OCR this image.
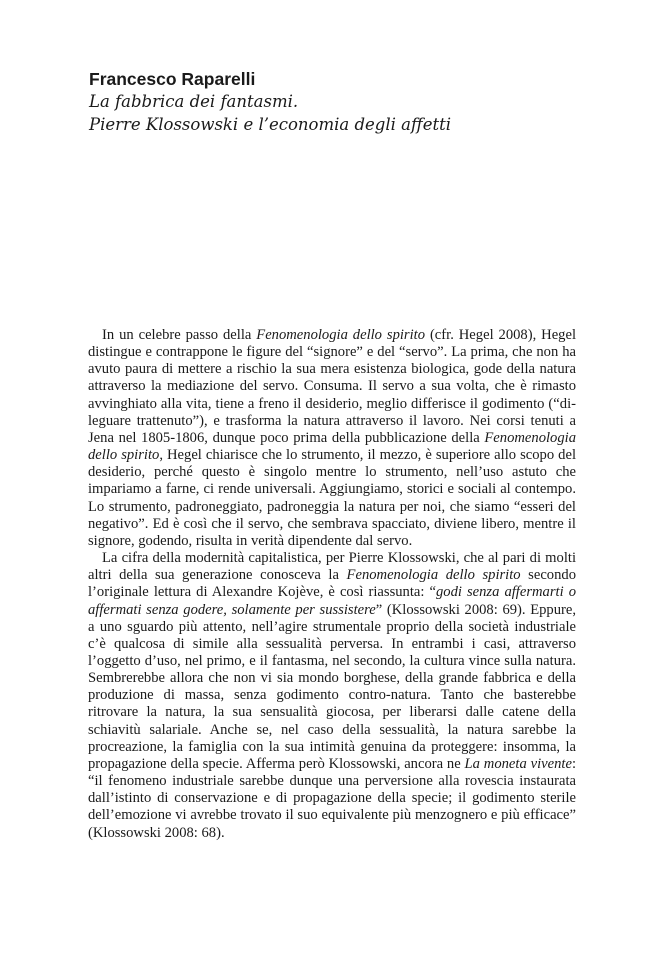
Francesco Raparelli
La fabbrica dei fantasmi.
Pierre Klossowski e l’economia degli affetti

In un celebre passo della Fenomenologia dello spirito (cfr. Hegel 2008), Hegel distingue e contrappone le figure del “signore” e del “servo”. La prima, che non ha avuto paura di mettere a rischio la sua mera esistenza biologica, gode della natura attraverso la mediazione del servo. Consuma. Il servo a sua volta, che è rimasto avvinghiato alla vita, tiene a freno il desiderio, meglio differisce il godimento (“dileguare trattenuto”), e trasforma la natura attraverso il lavoro. Nei corsi tenuti a Jena nel 1805-1806, dunque poco prima della pubblicazione della Fenomenologia dello spirito, Hegel chiarisce che lo strumento, il mezzo, è superiore allo scopo del desiderio, perché questo è singolo mentre lo strumento, nell’uso astuto che impariamo a farne, ci rende universali. Aggiungiamo, storici e sociali al contempo. Lo strumento, padroneggiato, padroneggia la natura per noi, che siamo “esseri del negativo”. Ed è così che il servo, che sembrava spacciato, diviene libero, mentre il signore, godendo, risulta in verità dipendente dal servo.

La cifra della modernità capitalistica, per Pierre Klossowski, che al pari di molti altri della sua generazione conosceva la Fenomenologia dello spirito secondo l’originale lettura di Alexandre Kojève, è così riassunta: “godi senza affermarti o affermati senza godere, solamente per sussistere” (Klossowski 2008: 69). Eppure, a uno sguardo più attento, nell’agire strumentale proprio della società industriale c’è qualcosa di simile alla sessualità perversa. In entrambi i casi, attraverso l’oggetto d’uso, nel primo, e il fantasma, nel secondo, la cultura vince sulla natura. Sembrerebbe allora che non vi sia mondo borghese, della grande fabbrica e della produzione di massa, senza godimento contro-natura. Tanto che basterebbe ritrovare la natura, la sua sensualità giocosa, per liberarsi dalle catene della schiavitù salariale. Anche se, nel caso della sessualità, la natura sarebbe la procreazione, la famiglia con la sua intimità genuina da proteggere: insomma, la propagazione della specie. Afferma però Klossowski, ancora ne La moneta vivente: “il fenomeno industriale sarebbe dunque una perversione alla rovescia instaurata dall’istinto di conservazione e di propagazione della specie; il godimento sterile dell’emozione vi avrebbe trovato il suo equivalente più menzognero e più efficace” (Klossowski 2008: 68).
